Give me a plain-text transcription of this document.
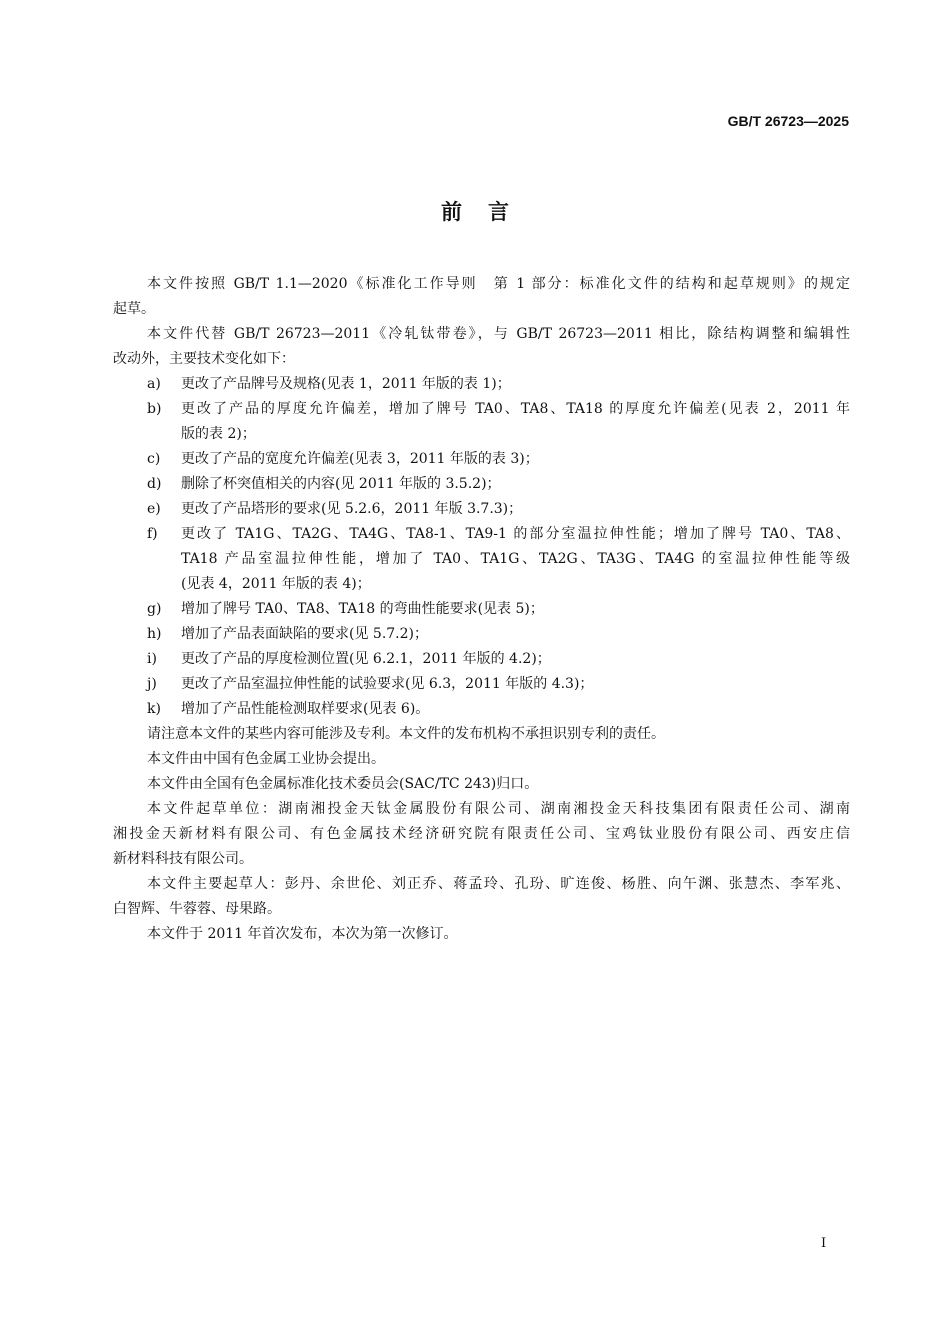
GB/T 26723—2025
前言
本文件按照 GB/T 1.1—2020《标准化工作导则　第 1 部分：标准化文件的结构和起草规则》的规定
起草。
本文件代替 GB/T 26723—2011《冷轧钛带卷》，与 GB/T 26723—2011 相比，除结构调整和编辑性
改动外，主要技术变化如下：
a) 更改了产品牌号及规格(见表 1，2011 年版的表 1)；
b) 更改了产品的厚度允许偏差，增加了牌号 TA0、TA8、TA18 的厚度允许偏差(见表 2，2011 年
版的表 2)；
c) 更改了产品的宽度允许偏差(见表 3，2011 年版的表 3)；
d) 删除了杯突值相关的内容(见 2011 年版的 3.5.2)；
e) 更改了产品塔形的要求(见 5.2.6，2011 年版 3.7.3)；
f) 更改了 TA1G、TA2G、TA4G、TA8-1、TA9-1 的部分室温拉伸性能；增加了牌号 TA0、TA8、
TA18 产品室温拉伸性能，增加了 TA0、TA1G、TA2G、TA3G、TA4G 的室温拉伸性能等级
(见表 4，2011 年版的表 4)；
g) 增加了牌号 TA0、TA8、TA18 的弯曲性能要求(见表 5)；
h) 增加了产品表面缺陷的要求(见 5.7.2)；
i) 更改了产品的厚度检测位置(见 6.2.1，2011 年版的 4.2)；
j) 更改了产品室温拉伸性能的试验要求(见 6.3，2011 年版的 4.3)；
k) 增加了产品性能检测取样要求(见表 6)。
请注意本文件的某些内容可能涉及专利。本文件的发布机构不承担识别专利的责任。
本文件由中国有色金属工业协会提出。
本文件由全国有色金属标准化技术委员会(SAC/TC 243)归口。
本文件起草单位：湖南湘投金天钛金属股份有限公司、湖南湘投金天科技集团有限责任公司、湖南
湘投金天新材料有限公司、有色金属技术经济研究院有限责任公司、宝鸡钛业股份有限公司、西安庄信
新材料科技有限公司。
本文件主要起草人：彭丹、余世伦、刘正乔、蒋孟玲、孔玢、旷连俊、杨胜、向午渊、张慧杰、李军兆、
白智辉、牛蓉蓉、母果路。
本文件于 2011 年首次发布，本次为第一次修订。
I
